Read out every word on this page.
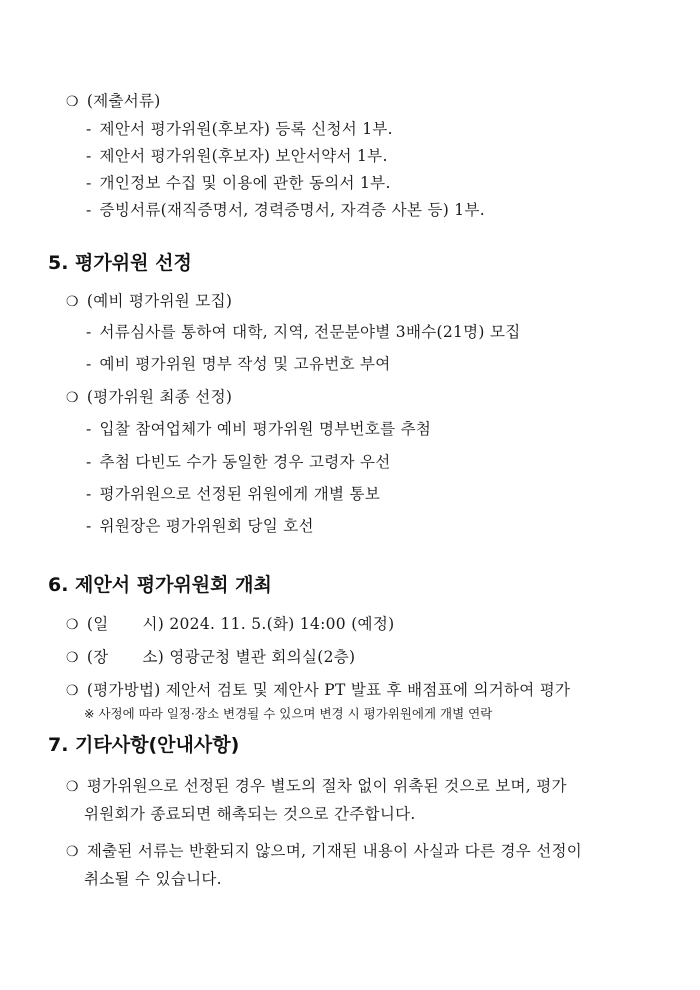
❍ (제출서류)
- 제안서 평가위원(후보자) 등록 신청서 1부.
- 제안서 평가위원(후보자) 보안서약서 1부.
- 개인정보 수집 및 이용에 관한 동의서 1부.
- 증빙서류(재직증명서, 경력증명서, 자격증 사본 등) 1부.
5. 평가위원 선정
❍ (예비 평가위원 모집)
- 서류심사를 통하여 대학, 지역, 전문분야별 3배수(21명) 모집
- 예비 평가위원 명부 작성 및 고유번호 부여
❍ (평가위원 최종 선정)
- 입찰 참여업체가 예비 평가위원 명부번호를 추첨
- 추첨 다빈도 수가 동일한 경우 고령자 우선
- 평가위원으로 선정된 위원에게 개별 통보
- 위원장은 평가위원회 당일 호선
6. 제안서 평가위원회 개최
❍ (일 시) 2024. 11. 5.(화) 14:00 (예정)
❍ (장 소) 영광군청 별관 회의실(2층)
❍ (평가방법) 제안서 검토 및 제안사 PT 발표 후 배점표에 의거하여 평가
※ 사정에 따라 일정·장소 변경될 수 있으며 변경 시 평가위원에게 개별 연락
7. 기타사항(안내사항)
❍ 평가위원으로 선정된 경우 별도의 절차 없이 위촉된 것으로 보며, 평가
위원회가 종료되면 해촉되는 것으로 간주합니다.
❍ 제출된 서류는 반환되지 않으며, 기재된 내용이 사실과 다른 경우 선정이
취소될 수 있습니다.
